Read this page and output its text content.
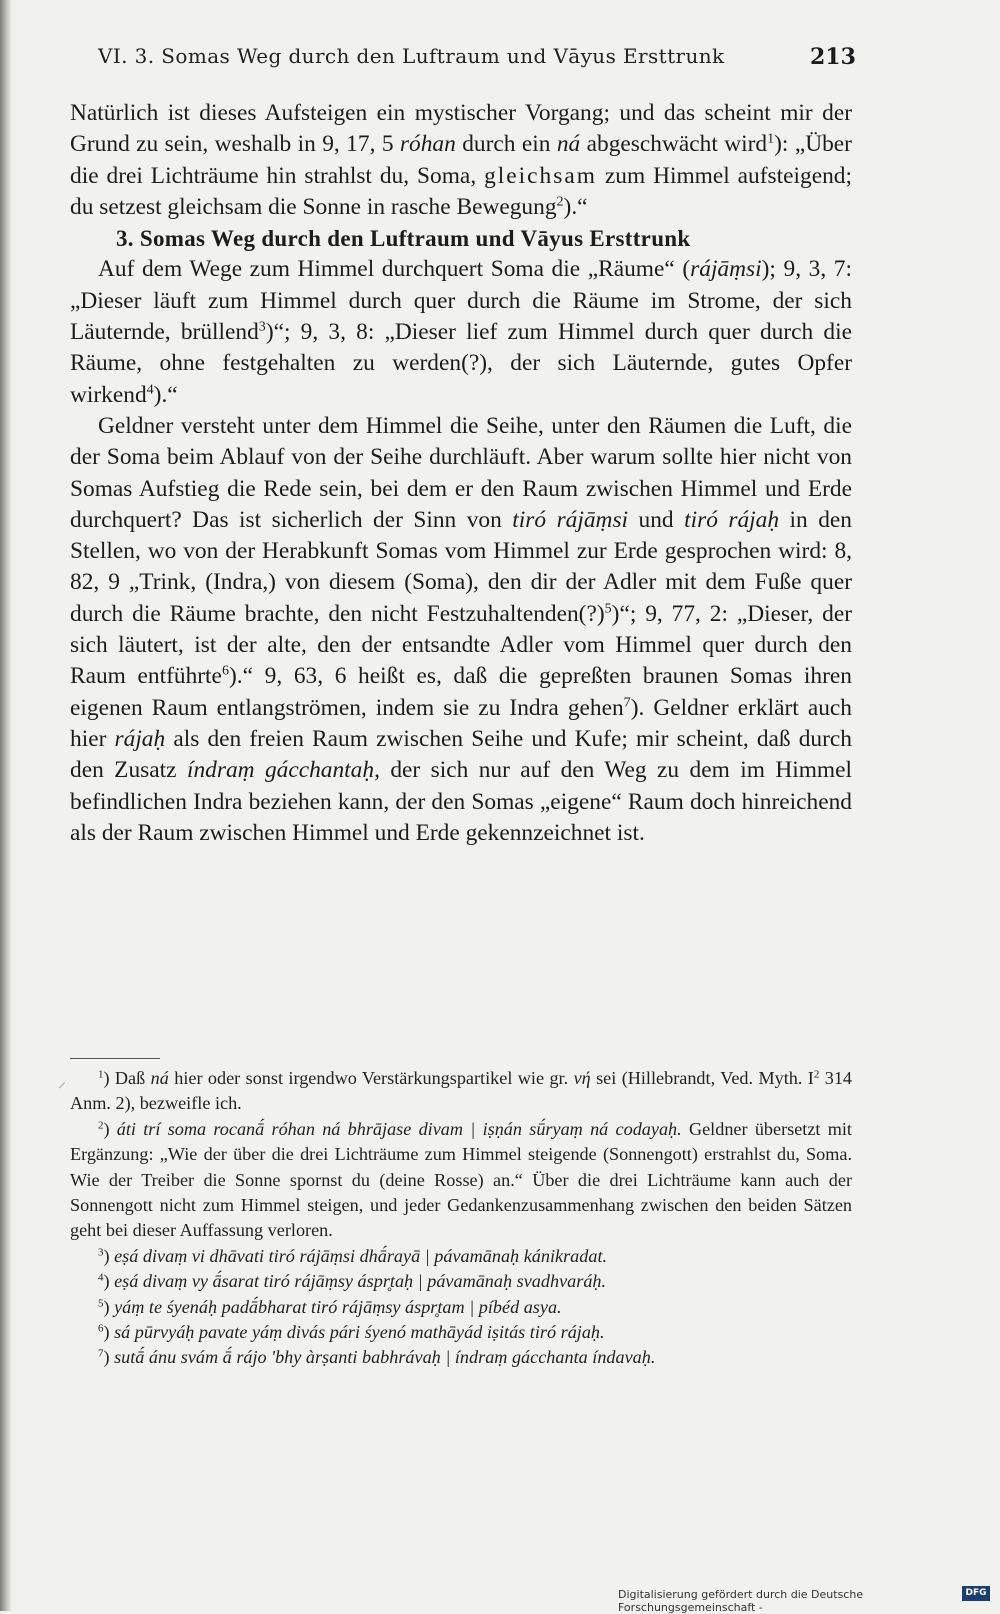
VI. 3. Somas Weg durch den Luftraum und Vāyus Ersttrunk	213

Natürlich ist dieses Aufsteigen ein mystischer Vorgang; und das scheint mir der Grund zu sein, weshalb in 9, 17, 5 róhan durch ein ná abgeschwächt wird$^1$): „Über die drei Lichträume hin strahlst du, Soma, gleichsam zum Himmel aufsteigend; du setzest gleichsam die Sonne in rasche Bewegung$^2$).“

3. Somas Weg durch den Luftraum und Vāyus Ersttrunk

Auf dem Wege zum Himmel durchquert Soma die „Räume“ (rájāṃsi); 9, 3, 7: „Dieser läuft zum Himmel durch quer durch die Räume im Strome, der sich Läuternde, brüllend$^3$)“; 9, 3, 8: „Dieser lief zum Himmel durch quer durch die Räume, ohne festgehalten zu werden(?), der sich Läuternde, gutes Opfer wirkend$^4$).“

Geldner versteht unter dem Himmel die Seihe, unter den Räumen die Luft, die der Soma beim Ablauf von der Seihe durchläuft. Aber warum sollte hier nicht von Somas Aufstieg die Rede sein, bei dem er den Raum zwischen Himmel und Erde durchquert? Das ist sicherlich der Sinn von tiró rájāṃsi und tiró rájaḥ in den Stellen, wo von der Herabkunft Somas vom Himmel zur Erde gesprochen wird: 8, 82, 9 „Trink, (Indra,) von diesem (Soma), den dir der Adler mit dem Fuße quer durch die Räume brachte, den nicht Festzuhaltenden(?)$^5$)“; 9, 77, 2: „Dieser, der sich läutert, ist der alte, den der entsandte Adler vom Himmel quer durch den Raum entführte$^6$).“ 9, 63, 6 heißt es, daß die gepreßten braunen Somas ihren eigenen Raum entlangströmen, indem sie zu Indra gehen$^7$). Geldner erklärt auch hier rájaḥ als den freien Raum zwischen Seihe und Kufe; mir scheint, daß durch den Zusatz índraṃ gácchantaḥ, der sich nur auf den Weg zu dem im Himmel befindlichen Indra beziehen kann, der den Somas „eigene“ Raum doch hinreichend als der Raum zwischen Himmel und Erde gekennzeichnet ist.

⸝	$^1$) Daß ná hier oder sonst irgendwo Verstärkungspartikel wie gr. νή sei (Hillebrandt, Ved. Myth. $I^2$ 314 Anm. 2), bezweifle ich.

$^2$) áti trí soma rocanā́ róhan ná bhrājase divam | iṣṇán sū́ryaṃ ná codayaḥ. Geldner übersetzt mit Ergänzung: „Wie der über die drei Lichträume zum Himmel steigende (Sonnengott) erstrahlst du, Soma. Wie der Treiber die Sonne spornst du (deine Rosse) an.“ Über die drei Lichträume kann auch der Sonnengott nicht zum Himmel steigen, und jeder Gedankenzusammenhang zwischen den beiden Sätzen geht bei dieser Auffassung verloren.

$^3$) eṣá divaṃ vi dhāvati tiró rájāṃsi dhā́rayā | pávamānaḥ kánikradat.

$^4$) eṣá divaṃ vy ā́sarat tiró rájāṃsy áspr̥taḥ | pávamānaḥ svadhvaráḥ.

$^5$) yáṃ te śyenáḥ padā́bharat tiró rájāṃsy áspr̥tam | píbéd asya.

$^6$) sá pūrvyáḥ pavate yáṃ divás pári śyenó mathāyád iṣitás tiró rájaḥ.

$^7$) sutā́ ánu svám ā́ rájo 'bhy àrṣanti babhrávaḥ | índraṃ gácchanta índavaḥ.

Digitalisierung gefördert durch die Deutsche Forschungsgemeinschaft -
DFG
